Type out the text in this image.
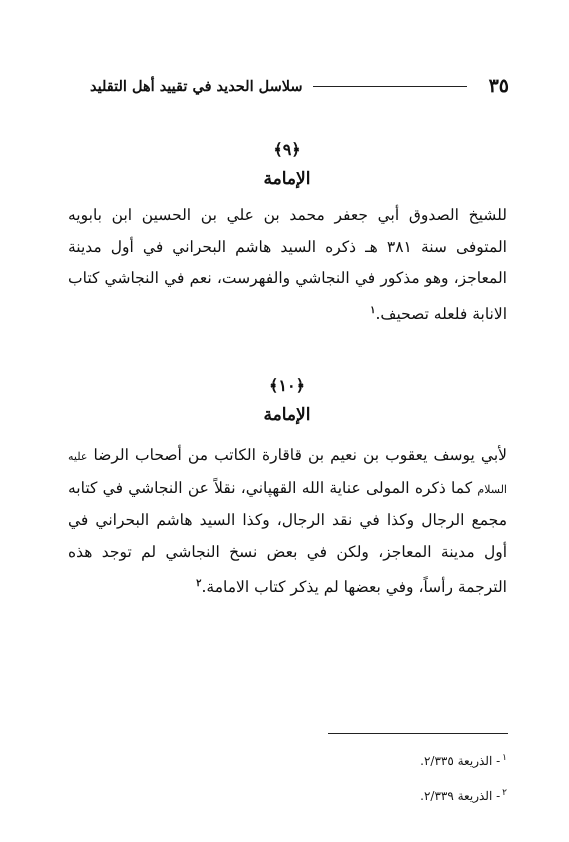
٣٥
سلاسل الحديد في تقييد أهل التقليد
﴿٩﴾
الإمامة

للشيخ الصدوق أبي جعفر محمد بن علي بن الحسين ابن بابويه المتوفى سنة ٣٨١ هـ ذكره السيد هاشم البحراني في أول مدينة المعاجز، وهو مذكور في النجاشي والفهرست، نعم في النجاشي كتاب الانابة فلعله تصحيف.$^١$

﴿١٠﴾
الإمامة

لأبي يوسف يعقوب بن نعيم بن قاقارة الكاتب من أصحاب الرضا عليه السلام كما ذكره المولى عناية الله القهپاني، نقلاً عن النجاشي في كتابه مجمع الرجال وكذا في نقد الرجال، وكذا السيد هاشم البحراني في أول مدينة المعاجز، ولكن في بعض نسخ النجاشي لم توجد هذه الترجمة رأساً، وفي بعضها لم يذكر كتاب الامامة.$^٢$

$^١$- الذريعة ٢/٣٣٥.
$^٢$- الذريعة ٢/٣٣٩.
